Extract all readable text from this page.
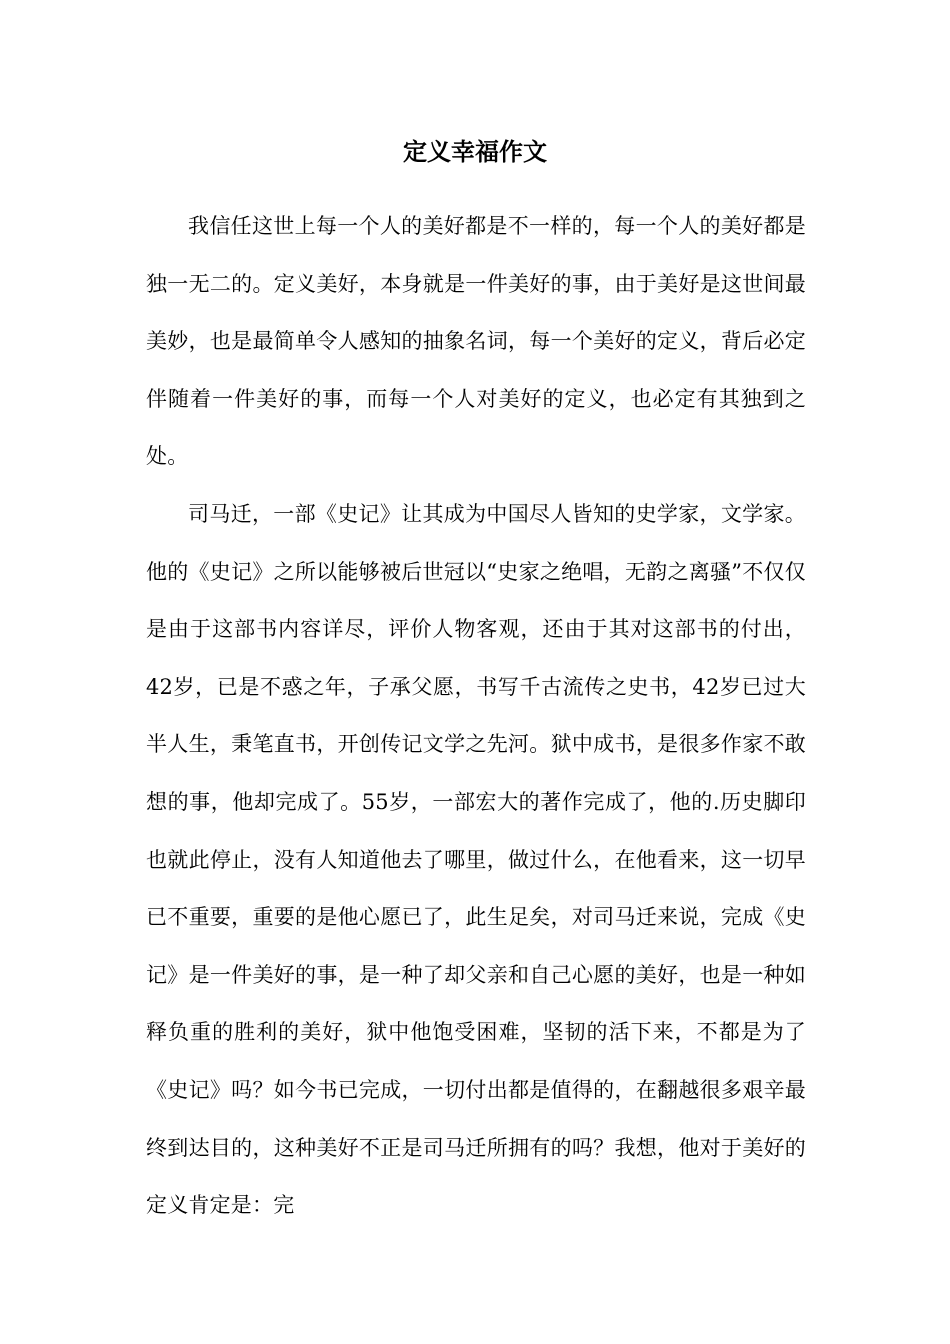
定义幸福作文

我信任这世上每一个人的美好都是不一样的，每一个人的美好都是独一无二的。定义美好，本身就是一件美好的事，由于美好是这世间最美妙，也是最简单令人感知的抽象名词，每一个美好的定义，背后必定伴随着一件美好的事，而每一个人对美好的定义，也必定有其独到之处。

司马迁，一部《史记》让其成为中国尽人皆知的史学家，文学家。他的《史记》之所以能够被后世冠以“史家之绝唱，无韵之离骚”不仅仅是由于这部书内容详尽，评价人物客观，还由于其对这部书的付出，42岁，已是不惑之年，子承父愿，书写千古流传之史书，42岁已过大半人生，秉笔直书，开创传记文学之先河。狱中成书，是很多作家不敢想的事，他却完成了。55岁，一部宏大的著作完成了，他的.历史脚印也就此停止，没有人知道他去了哪里，做过什么，在他看来，这一切早已不重要，重要的是他心愿已了，此生足矣，对司马迁来说，完成《史记》是一件美好的事，是一种了却父亲和自己心愿的美好，也是一种如释负重的胜利的美好，狱中他饱受困难，坚韧的活下来，不都是为了《史记》吗？如今书已完成，一切付出都是值得的，在翻越很多艰辛最终到达目的，这种美好不正是司马迁所拥有的吗？我想，他对于美好的定义肯定是：完
